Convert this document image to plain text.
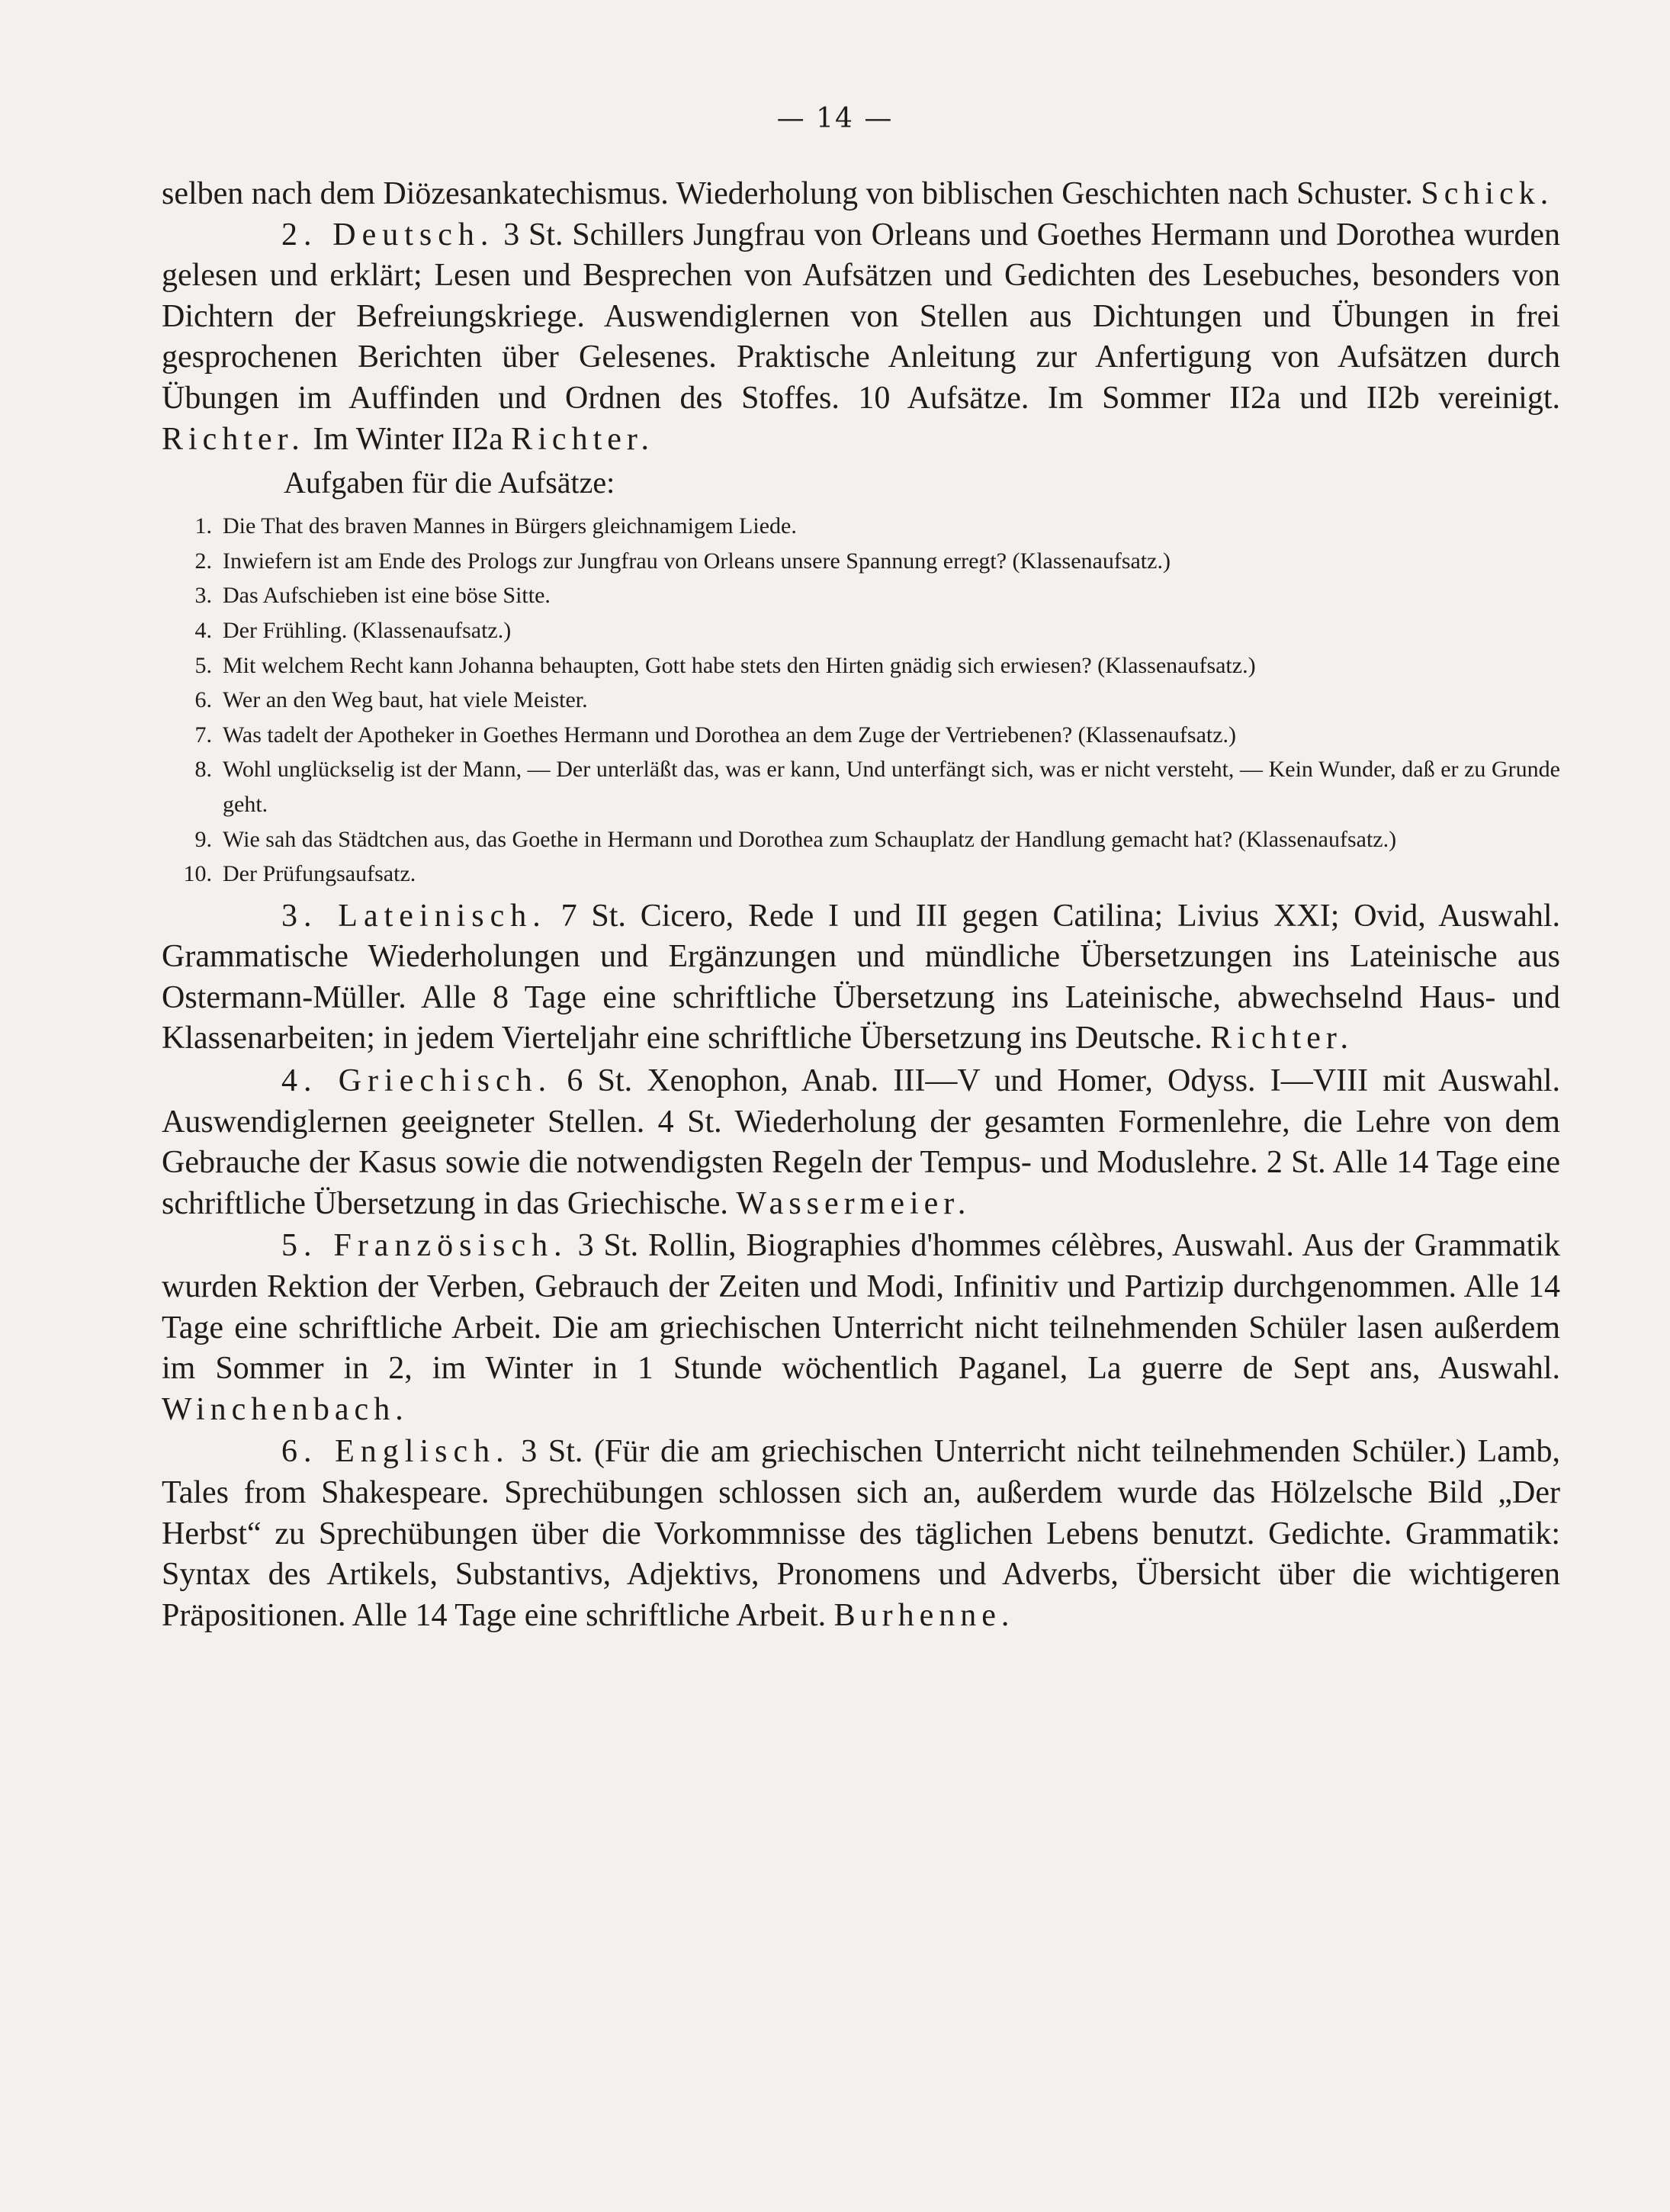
— 14 —

selben nach dem Diözesankatechismus. Wiederholung von biblischen Geschichten nach Schuster. Schick.

2. Deutsch. 3 St. Schillers Jungfrau von Orleans und Goethes Hermann und Dorothea wurden gelesen und erklärt; Lesen und Besprechen von Aufsätzen und Gedichten des Lesebuches, besonders von Dichtern der Befreiungskriege. Auswendiglernen von Stellen aus Dichtungen und Übungen in frei gesprochenen Berichten über Gelesenes. Praktische Anleitung zur Anfertigung von Aufsätzen durch Übungen im Auffinden und Ordnen des Stoffes. 10 Aufsätze. Im Sommer II2a und II2b vereinigt. Richter. Im Winter II2a Richter.

Aufgaben für die Aufsätze:
1. Die That des braven Mannes in Bürgers gleichnamigem Liede.
2. Inwiefern ist am Ende des Prologs zur Jungfrau von Orleans unsere Spannung erregt? (Klassenaufsatz.)
3. Das Aufschieben ist eine böse Sitte.
4. Der Frühling. (Klassenaufsatz.)
5. Mit welchem Recht kann Johanna behaupten, Gott habe stets den Hirten gnädig sich erwiesen? (Klassenaufsatz.)
6. Wer an den Weg baut, hat viele Meister.
7. Was tadelt der Apotheker in Goethes Hermann und Dorothea an dem Zuge der Vertriebenen? (Klassenaufsatz.)
8. Wohl unglückselig ist der Mann, — Der unterläßt das, was er kann, Und unterfängt sich, was er nicht versteht, — Kein Wunder, daß er zu Grunde geht.
9. Wie sah das Städtchen aus, das Goethe in Hermann und Dorothea zum Schauplatz der Handlung gemacht hat? (Klassenaufsatz.)
10. Der Prüfungsaufsatz.

3. Lateinisch. 7 St. Cicero, Rede I und III gegen Catilina; Livius XXI; Ovid, Auswahl. Grammatische Wiederholungen und Ergänzungen und mündliche Übersetzungen ins Lateinische aus Ostermann-Müller. Alle 8 Tage eine schriftliche Übersetzung ins Lateinische, abwechselnd Haus- und Klassenarbeiten; in jedem Vierteljahr eine schriftliche Übersetzung ins Deutsche. Richter.

4. Griechisch. 6 St. Xenophon, Anab. III—V und Homer, Odyss. I—VIII mit Auswahl. Auswendiglernen geeigneter Stellen. 4 St. Wiederholung der gesamten Formenlehre, die Lehre von dem Gebrauche der Kasus sowie die notwendigsten Regeln der Tempus- und Moduslehre. 2 St. Alle 14 Tage eine schriftliche Übersetzung in das Griechische. Wassermeier.

5. Französisch. 3 St. Rollin, Biographies d'hommes célèbres, Auswahl. Aus der Grammatik wurden Rektion der Verben, Gebrauch der Zeiten und Modi, Infinitiv und Partizip durchgenommen. Alle 14 Tage eine schriftliche Arbeit. Die am griechischen Unterricht nicht teilnehmenden Schüler lasen außerdem im Sommer in 2, im Winter in 1 Stunde wöchentlich Paganel, La guerre de Sept ans, Auswahl. Winchenbach.

6. Englisch. 3 St. (Für die am griechischen Unterricht nicht teilnehmenden Schüler.) Lamb, Tales from Shakespeare. Sprechübungen schlossen sich an, außerdem wurde das Hölzelsche Bild „Der Herbst“ zu Sprechübungen über die Vorkommnisse des täglichen Lebens benutzt. Gedichte. Grammatik: Syntax des Artikels, Substantivs, Adjektivs, Pronomens und Adverbs, Übersicht über die wichtigeren Präpositionen. Alle 14 Tage eine schriftliche Arbeit. Burhenne.
